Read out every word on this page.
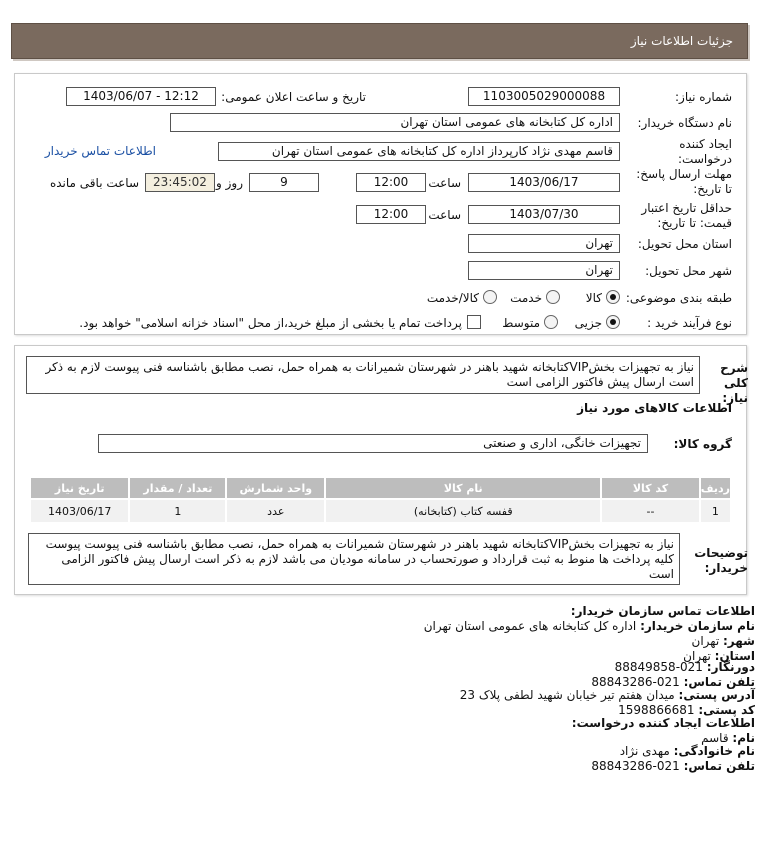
جزئیات اطلاعات نیاز
شماره نیاز:
1103005029000088
تاریخ و ساعت اعلان عمومی:
1403/06/07 - 12:12
نام دستگاه خریدار:
اداره کل کتابخانه های عمومی استان تهران
ایجاد کننده درخواست:
قاسم مهدی نژاد کارپرداز اداره کل کتابخانه های عمومی استان تهران
اطلاعات تماس خریدار
مهلت ارسال پاسخ: تا تاریخ:
1403/06/17
ساعت
12:00
9
روز و
23:45:02
ساعت باقی مانده
حداقل تاریخ اعتبار قیمت: تا تاریخ:
1403/07/30
ساعت
12:00
استان محل تحویل:
تهران
شهر محل تحویل:
تهران
طبقه بندی موضوعی:
کالا
خدمت
کالا/خدمت
نوع فرآیند خرید :
جزیی
متوسط
پرداخت تمام یا بخشی از مبلغ خرید،از محل "اسناد خزانه اسلامی" خواهد بود.
شرح کلی نیاز:
نیاز به تجهیزات بخشVIPکتابخانه شهید باهنر در شهرستان شمیرانات به همراه حمل، نصب مطابق باشناسه فنی پیوست لازم به ذکر است ارسال پیش فاکتور الزامی است
اطلاعات کالاهای مورد نیاز
گروه کالا:
تجهیزات خانگی، اداری و صنعتی
ردیف	کد کالا	نام کالا	واحد شمارش	تعداد / مقدار	تاریخ نیاز
1	--	قفسه کتاب (کتابخانه)	عدد	1	1403/06/17
توضیحات خریدار:
نیاز به تجهیزات بخشVIPکتابخانه شهید باهنر در شهرستان شمیرانات به همراه حمل، نصب مطابق باشناسه فنی پیوست پیوست کلیه پرداخت ها منوط به ثبت قرارداد و صورتحساب در سامانه مودیان می باشد لازم به ذکر است ارسال پیش فاکتور الزامی است
اطلاعات تماس سازمان خریدار:
نام سازمان خریدار: اداره کل کتابخانه های عمومی استان تهران
شهر: تهران
استان: تهران
دورنگار: 021-88849858
تلفن تماس: 021-88843286
آدرس پستی: میدان هفتم تیر خیابان شهید لطفی پلاک 23
کد پستی: 1598866681
اطلاعات ایجاد کننده درخواست:
نام: قاسم
نام خانوادگی: مهدی نژاد
تلفن تماس: 021-88843286
